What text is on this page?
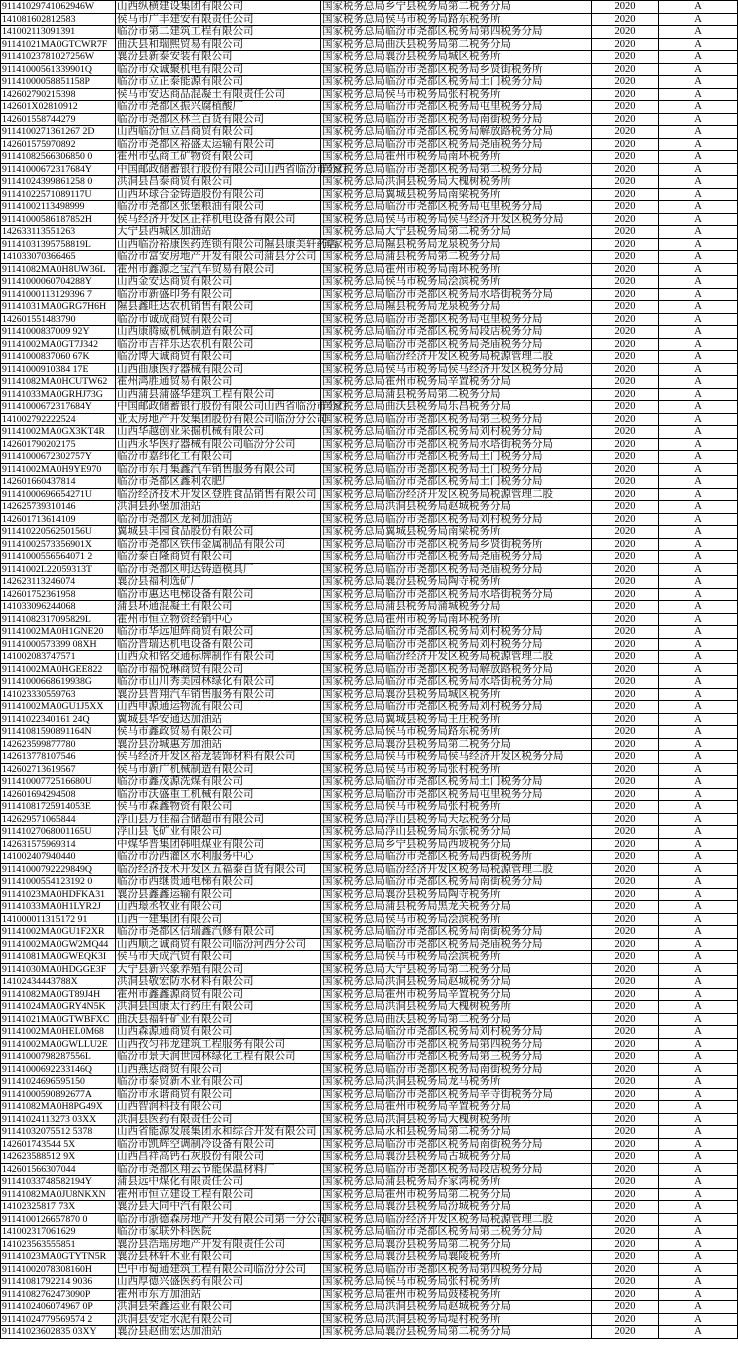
91141029741062946W	山西纵横建设集团有限公司	国家税务总局乡宁县税务局第二税务分局	2020	A
141081602812583	侯马市广丰建安有限责任公司	国家税务总局侯马市税务局路东税务所	2020	A
141002113091391	临汾市第二建筑工程有限公司	国家税务总局临汾市尧都区税务局第四税务分局	2020	A
91141021MA0GTCWR7F	曲沃县和瑞熙贸易有限公司	国家税务总局曲沃县税务局第二税务分局	2020	A
91141023781027256W	襄汾县新泰安装有限公司	国家税务总局襄汾县税务局城区税务所	2020	A
91141000561339901Q	临汾市众诚聚机电有限公司	国家税务总局临汾市尧都区税务局乡贤街税务所	2020	A
91141000058851158P	临汾市立正泰能源有限公司	国家税务总局临汾市尧都区税务局土门税务分局	2020	A
142602790215398	侯马市安达商品混凝土有限责任公司	国家税务总局侯马市税务局张村税务所	2020	A
142601X02810912	临汾市尧都区振兴腐植酸厂	国家税务总局临汾市尧都区税务局屯里税务分局	2020	A
142601558744279	临汾市尧都区林兰百货有限公司	国家税务总局临汾市尧都区税务局南街税务分局	2020	A
9114100271361267 2D	山西临汾恒立昌商贸有限公司	国家税务总局临汾市尧都区税务局解放路税务分局	2020	A
142601575970892	临汾市尧都区裕盛太运输有限公司	国家税务总局临汾市尧都区税务局尧庙税务分局	2020	A
91141082566306850 0	霍州市弘商工矿物资有限公司	国家税务总局霍州市税务局南环税务所	2020	A
91141000672317684Y	中国邮政储蓄银行股份有限公司山西省临汾市分行	国家税务总局临汾市尧都区税务局第二税务分局	2020	A
91141024399861258 0	洪洞县昌泰商贸有限公司	国家税务总局洪洞县税务局大槐树税务所	2020	A
91141022571089117U	山西环球合金铸造股份有限公司	国家税务总局翼城县税务局南梁税务所	2020	A
91141002113498999	临汾市尧都区张堡粮油有限公司	国家税务总局临汾市尧都区税务局屯里税务分局	2020	A
91141000586187852H	侯马经济开发区正祥机电设备有限公司	国家税务总局侯马市税务局侯马经济开发区税务分局	2020	A
142633113551263	大宁县西城区加油站	国家税务总局大宁县税务局第二税务分局	2020	A
91141031395758819L	山西临汾裕康医药连锁有限公司隰县康美轩药店	国家税务总局隰县税务局龙泉税务分局	2020	A
141033070366465	临汾市富安房地产开发有限公司蒲县分公司	国家税务总局蒲县税务局第二税务分局	2020	A
91141082MA0H8UW36L	霍州市鑫源之宝汽车贸易有限公司	国家税务总局霍州市税务局南环税务所	2020	A
91141000060704288Y	山西金安达商贸有限公司	国家税务总局侯马市税务局浍滨税务所	2020	A
91141000113129396 7	临汾市新盛印务有限公司	国家税务总局临汾市尧都区税务局水塔街税务分局	2020	A
91141031MA0GRG7H6H	隰县鑫旺达农机销售有限公司	国家税务总局隰县税务局龙泉税务分局	2020	A
142601551483790	临汾市诚成商贸有限公司	国家税务总局临汾市尧都区税务局屯里税务分局	2020	A
91141000837009 92Y	山西康腾威机械制造有限公司	国家税务总局临汾市尧都区税务局段店税务分局	2020	A
91141002MA0GT7J342	临汾市吉祥乐达农机有限公司	国家税务总局临汾市尧都区税务局尧庙税务分局	2020	A
91141000837060 67K	临汾博大诚商贸有限公司	国家税务总局临汾经济开发区税务局税源管理二股	2020	A
91141000910384 17E	山西曲康医疗器械有限公司	国家税务总局侯马市税务局侯马经济开发区税务分局	2020	A
91141082MA0HCUTW62	霍州鸿胜通贸易有限公司	国家税务总局霍州市税务局辛置税务分局	2020	A
91141033MA0GRHJ73G	山西蒲县蒲盛华建筑工程有限公司	国家税务总局蒲县税务局第二税务分局	2020	A
91141000672317684Y	中国邮政储蓄银行股份有限公司山西省临汾市分行	国家税务总局曲沃县税务局乐昌税务分局	2020	A
141002792222524	亚太房地产开发集团股份有限公司临汾分公司	国家税务总局临汾市尧都区税务局第三税务分局	2020	A
91141002MA0GX3KT4R	山西华越创业采掘机械有限公司	国家税务总局临汾市尧都区税务局刘村税务分局	2020	A
142601790202175	山西永华医疗器械有限公司临汾分公司	国家税务总局临汾市尧都区税务局水塔街税务分局	2020	A
91141000672302757Y	临汾市嘉纬化工有限公司	国家税务总局临汾市尧都区税务局土门税务分局	2020	A
91141002MA0H9YE970	临汾市东月集鑫汽车销售服务有限公司	国家税务总局临汾市尧都区税务局土门税务分局	2020	A
142601660437814	临汾市尧都区鑫利农肥厂	国家税务总局临汾市尧都区税务局土门税务分局	2020	A
91141000696654271U	临汾经济技术开发区登胜食品销售有限公司	国家税务总局临汾经济开发区税务局税源管理二股	2020	A
142625739310146	洪洞县孙堡加油站	国家税务总局洪洞县税务局赵城税务分局	2020	A
142601713614109	临汾市尧都区龙祠加油站	国家税务总局临汾市尧都区税务局刘村税务分局	2020	A
91141022056250156U	翼城县丰园食品股份有限公司	国家税务总局翼城县税务局南梁税务所	2020	A
91141002573356901X	临汾市尧都区铁伟金属制品有限公司	国家税务总局临汾市尧都区税务局乡贤街税务所	2020	A
91141000556564071 2	临汾泰百隆商贸有限公司	国家税务总局临汾市尧都区税务局尧庙税务分局	2020	A
91141002L22059313T	临汾市尧都区明达铸造模具厂	国家税务总局临汾市尧都区税务局尧庙税务分局	2020	A
142623113246074	襄汾县福利选矿厂	国家税务总局襄汾县税务局陶寺税务所	2020	A
142601752361958	临汾市惠达电梯设备有限公司	国家税务总局临汾市尧都区税务局水塔街税务分局	2020	A
141033096244068	蒲县环通混凝土有限公司	国家税务总局蒲县税务局蒲城税务分局	2020	A
91141082317095829L	霍州市恒立物资经销中心	国家税务总局霍州市税务局南环税务所	2020	A
91141002MA0H1GNE20	临汾市华远旭辉商贸有限公司	国家税务总局临汾市尧都区税务局刘村税务分局	2020	A
91141000573399 08XH	临汾晋瑞达机电设备有限公司	国家税务总局临汾市尧都区税务局刘村税务分局	2020	A
141002083747571	山西众和铭交通标牌制作有限公司	国家税务总局临汾经济开发区税务局税源管理二股	2020	A
91141002MA0HGEE822	临汾市福悦琳商贸有限公司	国家税务总局临汾市尧都区税务局解放路税务分局	2020	A
91141000668619938G	临汾市山川秀美园林绿化有限公司	国家税务总局临汾市尧都区税务局水塔街税务分局	2020	A
141023330559763	襄汾县晋翔汽车销售服务有限公司	国家税务总局襄汾县税务局城区税务所	2020	A
91141002MA0GU1J5XX	山西申源通运物流有限公司	国家税务总局临汾市尧都区税务局刘村税务分局	2020	A
91141022340161 24Q	翼城县华安通达加油站	国家税务总局翼城县税务局王庄税务所	2020	A
91141081590891164N	侯马市鑫政贸易有限公司	国家税务总局侯马市税务局路东税务所	2020	A
142623599877780	襄汾县汾城惠芳加油站	国家税务总局襄汾县税务局第二税务分局	2020	A
142613778107546	侯马经济开发区裕龙装饰材料有限公司	国家税务总局侯马市税务局侯马经济开发区税务分局	2020	A
142602713619567	侯马市新广机械制造有限公司	国家税务总局侯马市税务局张村税务所	2020	A
91141000772516680U	临汾市鑫茂源洗煤有限公司	国家税务总局临汾市尧都区税务局土门税务分局	2020	A
142601694294508	临汾市沃盛重工机械有限公司	国家税务总局临汾市尧都区税务局屯里税务分局	2020	A
91141081725914053E	侯马市森鑫物资有限公司	国家税务总局侯马市税务局张村税务所	2020	A
142629571065844	浮山县万佳福合储超市有限公司	国家税务总局浮山县税务局天坛税务分局	2020	A
91141027068001165U	浮山县飞矿业有限公司	国家税务总局浮山县税务局东张税务分局	2020	A
142631575969314	中煤华晋集团韩咀煤业有限公司	国家税务总局乡宁县税务局西坡税务分局	2020	A
141002407940440	临汾市汾西灌区水利服务中心	国家税务总局临汾市尧都区税务局西街税务所	2020	A
91141000792229849Q	临汾经济技术开发区五福泰百货有限公司	国家税务总局临汾经济开发区税务局税源管理二股	2020	A
91141000554123192 0	临汾市西继贵通电梯有限公司	国家税务总局临汾市尧都区税务局南街税务分局	2020	A
91141023MA0HDFKA31	襄汾县鑫鑫运输有限公司	国家税务总局襄汾县税务局陶寺税务所	2020	A
91141033MA0H1LYR2J	山西璟丞牧业有限公司	国家税务总局蒲县税务局黑龙关税务分局	2020	A
141000011315172 91	山西一建集团有限公司	国家税务总局侯马市税务局浍滨税务所	2020	A
91141002MA0GU1F2XR	临汾市尧都区信瑞鑫汽修有限公司	国家税务总局临汾市尧都区税务局南街税务分局	2020	A
91141002MA0GW2MQ44	山西顺之诚商贸有限公司临汾河西分公司	国家税务总局临汾市尧都区税务局尧庙税务分局	2020	A
91141081MA0GWEQK3I	侯马市天成汽贸有限公司	国家税务总局侯马市税务局浍滨税务所	2020	A
91141030MA0HDGGE3F	大宁县新兴象养殖有限公司	国家税务总局大宁县税务局第二税务分局	2020	A
14102434443788X	洪洞县敬宏防水材料有限公司	国家税务总局洪洞县税务局赵城税务分局	2020	A
91141082MA0GT89J4H	霍州市鑫鑫源商贸有限公司	国家税务总局霍州市税务局辛置税务分局	2020	A
91141024MA0GRY4N5K	洪洞县国康太行药庄有限公司	国家税务总局洪洞县税务局大槐树税务所	2020	A
91141021MA0GTWBFXC	曲沃县福轩矿业有限公司	国家税务总局曲沃县税务局第二税务分局	2020	A
91141002MA0HEL0M68	山西森源通商贸有限公司	国家税务总局临汾市尧都区税务局刘村税务分局	2020	A
91141002MA0GWLLU2E	山西孜匀祎龙建筑工程服务有限公司	国家税务总局临汾市尧都区税务局第四税务分局	2020	A
91141000798287556L	临汾市景天润世园林绿化工程有限公司	国家税务总局临汾市尧都区税务局第三税务分局	2020	A
91141000692233146Q	山西燕达商贸有限公司	国家税务总局临汾市尧都区税务局南街税务分局	2020	A
91141024696595150	临汾市泰贸新木业有限公司	国家税务总局洪洞县税务局龙马税务所	2020	A
91141000590892677A	临汾市永谐商贸有限公司	国家税务总局临汾市尧都区税务局辛寺街税务分局	2020	A
91141082MA0H8PG49X	山西智润科技有限公司	国家税务总局霍州市税务局辛置税务分局	2020	A
91141024113273 03XX	洪洞县医药有限责任公司	国家税务总局洪洞县税务局大槐树税务所	2020	A
91141032075512 5378	山西省能源发展集团永和综合开发有限公司	国家税务总局永和县税务局第二税务分局	2020	A
142601743544 5X	临汾市凯辉空调制冷设备有限公司	国家税务总局临汾市尧都区税务局南街税务分局	2020	A
142623588512 9X	山西昌祥高钙石灰股份有限公司	国家税务总局襄汾县税务局古城税务分局	2020	A
142601566307044	临汾市尧都区翔云节能保温材料厂	国家税务总局临汾市尧都区税务局段店税务分局	2020	A
91141033748582194Y	蒲县远中煤化有限责任公司	国家税务总局蒲县税务局乔家湾税务所	2020	A
91141082MA0JU8NKXN	霍州市恒立建设工程有限公司	国家税务总局霍州市税务局第二税务分局	2020	A
14102325817 73X	襄汾县大同中汽有限公司	国家税务总局襄汾县税务局汾城税务分局	2020	A
9114100126657870 0	临汾市浙德森房地产开发有限公司第一分公司	国家税务总局临汾经济开发区税务局税源管理二股	2020	A
141002317061629	临汾市家联外科医院	国家税务总局临汾市尧都区税务局第三税务分局	2020	A
141023563555851	襄汾县浩瑶房地产开发有限责任公司	国家税务总局襄汾县税务局第二税务分局	2020	A
91141023MA0GTYTN5R	襄汾县林轩木业有限公司	国家税务总局襄汾县税务局襄陵税务所	2020	A
91141002078308160H	巴中市蜀通建筑工程有限公司临汾分公司	国家税务总局临汾市尧都区税务局第四税务分局	2020	A
91141081792214 9036	山西厚德兴盛医药有限公司	国家税务总局侯马市税务局张村税务所	2020	A
91141082762473090P	霍州市东方加油站	国家税务总局霍州市税务局鼓楼税务所	2020	A
9114102406074967 0P	洪洞县荣鑫运业有限公司	国家税务总局洪洞县税务局赵城税务分局	2020	A
91141024779569574 2	洪洞县安定水泥有限公司	国家税务总局洪洞县税务局堤村税务所	2020	A
91141023602835 03XY	襄汾县赵曲宏达加油站	国家税务总局襄汾县税务局第二税务分局	2020	A
